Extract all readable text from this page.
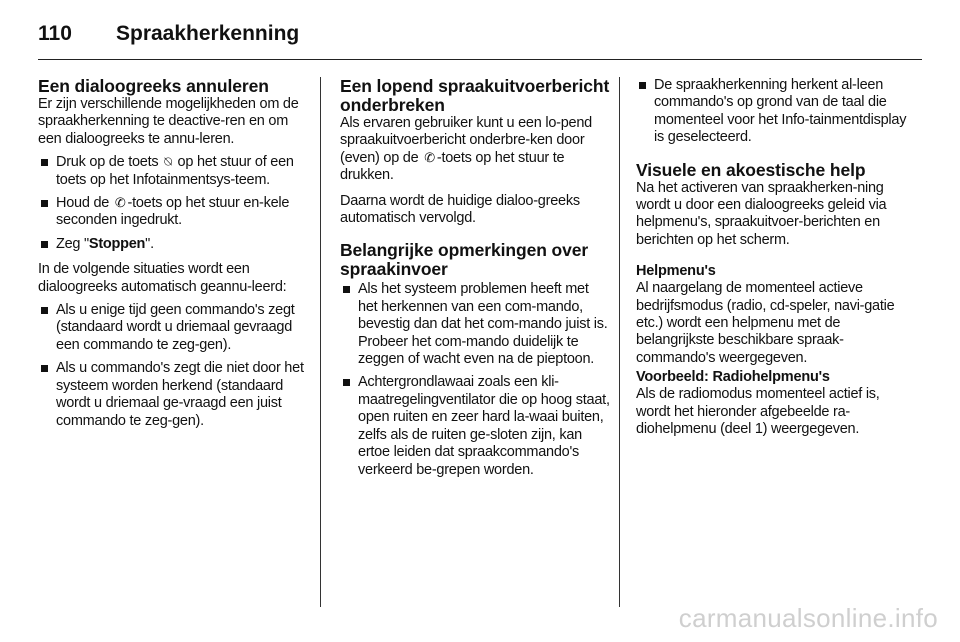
110	Spraakherkenning
Een dialoogreeks annuleren

Er zijn verschillende mogelijkheden om de spraakherkenning te deactive-ren en om een dialoogreeks te annu-leren.

Druk op de toets ⍉ op het stuur of een toets op het Infotainmentsys-teem.
Houd de ✆ -toets op het stuur en-kele seconden ingedrukt.
Zeg "Stoppen".

In de volgende situaties wordt een dialoogreeks automatisch geannu-leerd:

Als u enige tijd geen commando's zegt (standaard wordt u driemaal gevraagd een commando te zeg-gen).
Als u commando's zegt die niet door het systeem worden herkend (standaard wordt u driemaal ge-vraagd een juist commando te zeg-gen).
Een lopend spraakuitvoerbericht onderbreken

Als ervaren gebruiker kunt u een lo-pend spraakuitvoerbericht onderbre-ken door (even) op de ✆ -toets op het stuur te drukken.

Daarna wordt de huidige dialoo-greeks automatisch vervolgd.

Belangrijke opmerkingen over spraakinvoer
Als het systeem problemen heeft met het herkennen van een com-mando, bevestig dan dat het com-mando juist is. Probeer het com-mando duidelijk te zeggen of wacht even na de pieptoon.
Achtergrondlawaai zoals een kli-maatregelingventilator die op hoog staat, open ruiten en zeer hard la-waai buiten, zelfs als de ruiten ge-sloten zijn, kan ertoe leiden dat spraakcommando's verkeerd be-grepen worden.
De spraakherkenning herkent al-leen commando's op grond van de taal die momenteel voor het Info-tainmentdisplay is geselecteerd.
Visuele en akoestische help

Na het activeren van spraakherken-ning wordt u door een dialoogreeks geleid via helpmenu's, spraakuitvoer-berichten en berichten op het scherm.

Helpmenu's

Al naargelang de momenteel actieve bedrijfsmodus (radio, cd-speler, navi-gatie etc.) wordt een helpmenu met de belangrijkste beschikbare spraak-commando's weergegeven.

Voorbeeld: Radiohelpmenu's

Als de radiomodus momenteel actief is, wordt het hieronder afgebeelde ra-diohelpmenu (deel 1) weergegeven.

carmanualsonline.info
